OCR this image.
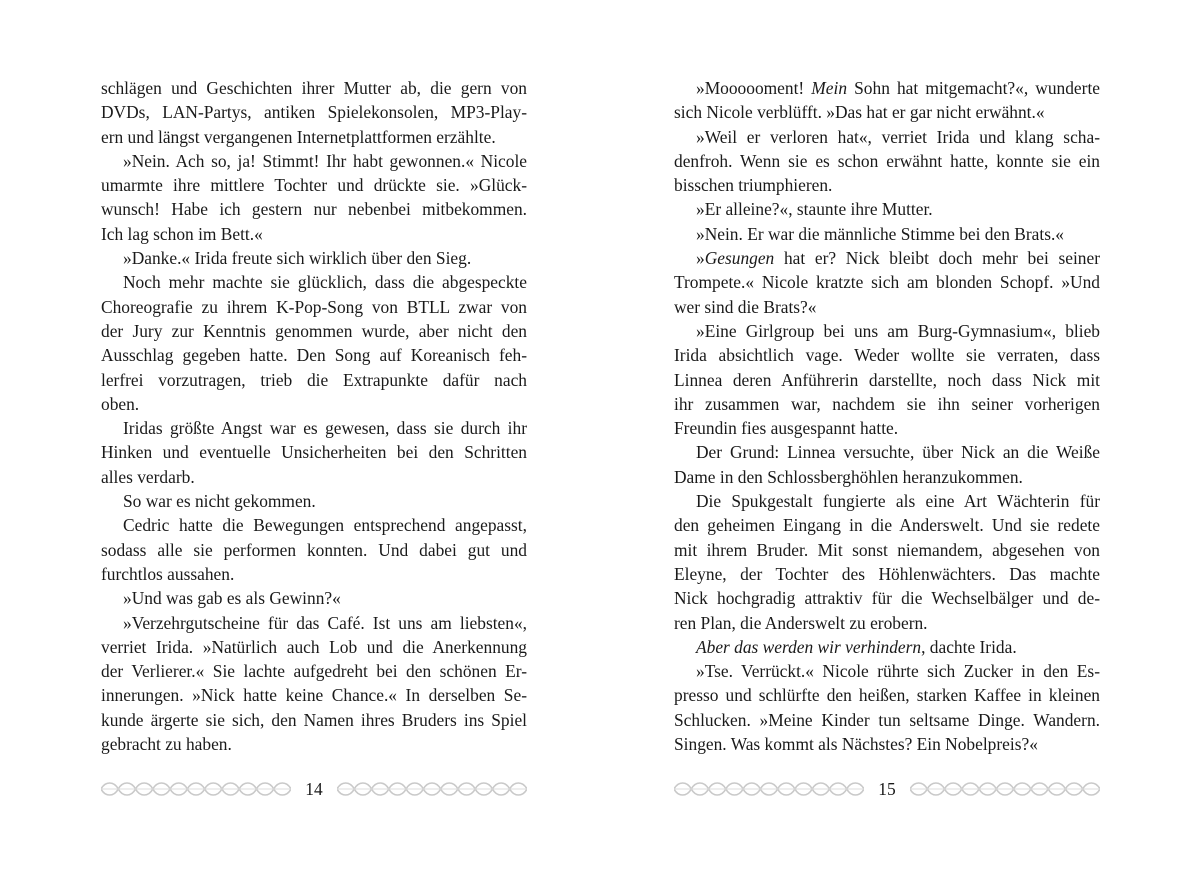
schlägen und Geschichten ihrer Mutter ab, die gern von
DVDs, LAN-Partys, antiken Spielekonsolen, MP3-Play-
ern und längst vergangenen Internetplattformen erzählte.
»Nein. Ach so, ja! Stimmt! Ihr habt gewonnen.« Nicole
umarmte ihre mittlere Tochter und drückte sie. »Glück-
wunsch! Habe ich gestern nur nebenbei mitbekommen.
Ich lag schon im Bett.«
»Danke.« Irida freute sich wirklich über den Sieg.
Noch mehr machte sie glücklich, dass die abgespeckte
Choreografie zu ihrem K-Pop-Song von BTLL zwar von
der Jury zur Kenntnis genommen wurde, aber nicht den
Ausschlag gegeben hatte. Den Song auf Koreanisch feh-
lerfrei vorzutragen, trieb die Extrapunkte dafür nach
oben.
Iridas größte Angst war es gewesen, dass sie durch ihr
Hinken und eventuelle Unsicherheiten bei den Schritten
alles verdarb.
So war es nicht gekommen.
Cedric hatte die Bewegungen entsprechend angepasst,
sodass alle sie performen konnten. Und dabei gut und
furchtlos aussahen.
»Und was gab es als Gewinn?«
»Verzehrgutscheine für das Café. Ist uns am liebsten«,
verriet Irida. »Natürlich auch Lob und die Anerkennung
der Verlierer.« Sie lachte aufgedreht bei den schönen Er-
innerungen. »Nick hatte keine Chance.« In derselben Se-
kunde ärgerte sie sich, den Namen ihres Bruders ins Spiel
gebracht zu haben.
»Moooooment! Mein Sohn hat mitgemacht?«, wunderte
sich Nicole verblüfft. »Das hat er gar nicht erwähnt.«
»Weil er verloren hat«, verriet Irida und klang scha-
denfroh. Wenn sie es schon erwähnt hatte, konnte sie ein
bisschen triumphieren.
»Er alleine?«, staunte ihre Mutter.
»Nein. Er war die männliche Stimme bei den Brats.«
»Gesungen hat er? Nick bleibt doch mehr bei seiner
Trompete.« Nicole kratzte sich am blonden Schopf. »Und
wer sind die Brats?«
»Eine Girlgroup bei uns am Burg-Gymnasium«, blieb
Irida absichtlich vage. Weder wollte sie verraten, dass
Linnea deren Anführerin darstellte, noch dass Nick mit
ihr zusammen war, nachdem sie ihn seiner vorherigen
Freundin fies ausgespannt hatte.
Der Grund: Linnea versuchte, über Nick an die Weiße
Dame in den Schlossberghöhlen heranzukommen.
Die Spukgestalt fungierte als eine Art Wächterin für
den geheimen Eingang in die Anderswelt. Und sie redete
mit ihrem Bruder. Mit sonst niemandem, abgesehen von
Eleyne, der Tochter des Höhlenwächters. Das machte
Nick hochgradig attraktiv für die Wechselbälger und de-
ren Plan, die Anderswelt zu erobern.
Aber das werden wir verhindern, dachte Irida.
»Tse. Verrückt.« Nicole rührte sich Zucker in den Es-
presso und schlürfte den heißen, starken Kaffee in kleinen
Schlucken. »Meine Kinder tun seltsame Dinge. Wandern.
Singen. Was kommt als Nächstes? Ein Nobelpreis?«
14	15
